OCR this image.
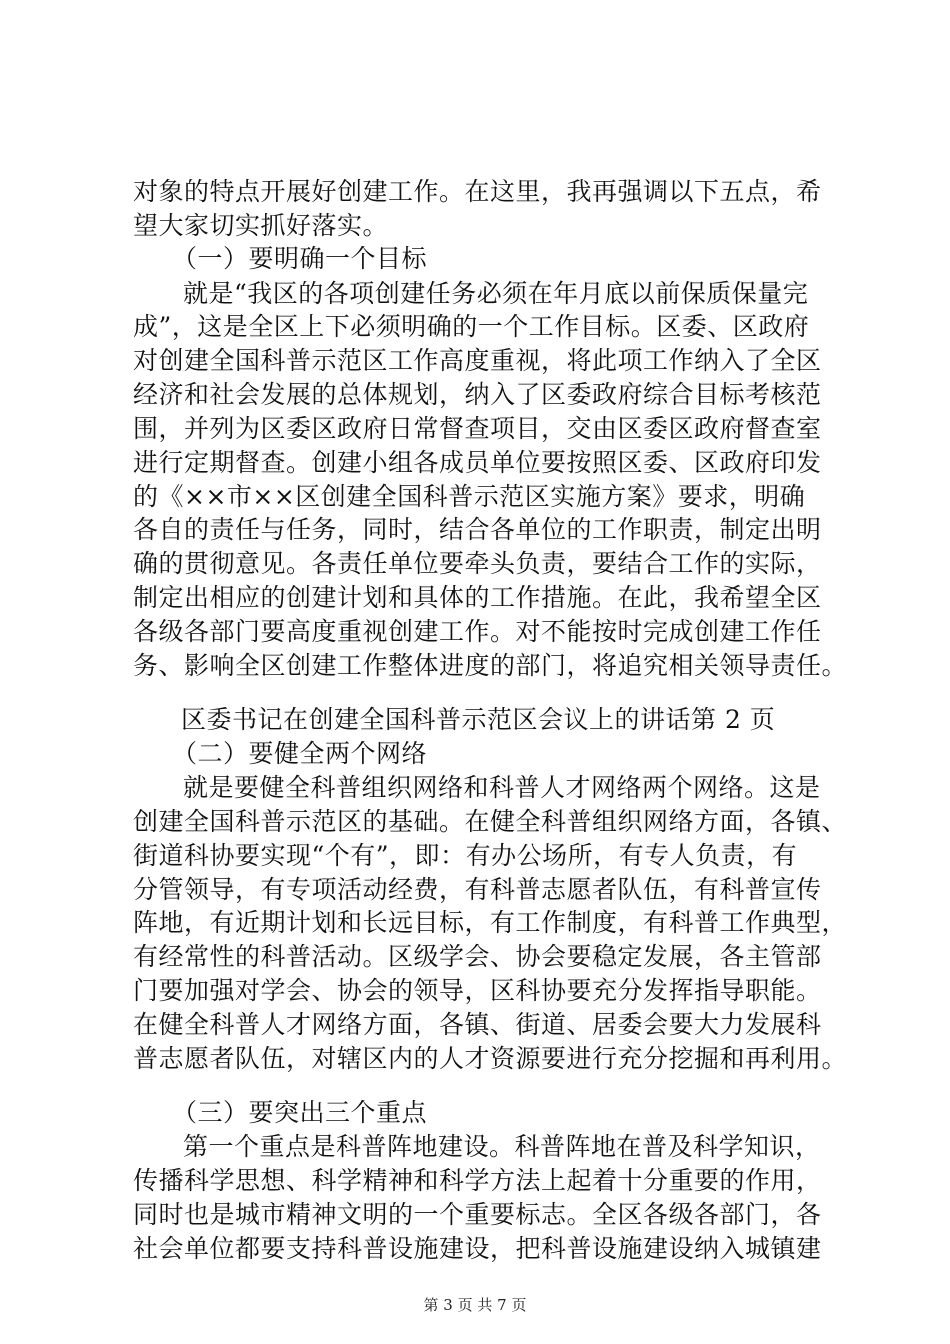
对象的特点开展好创建工作。在这里，我再强调以下五点，希
望大家切实抓好落实。
（一）要明确一个目标
就是“我区的各项创建任务必须在年月底以前保质保量完
成”，这是全区上下必须明确的一个工作目标。区委、区政府
对创建全国科普示范区工作高度重视，将此项工作纳入了全区
经济和社会发展的总体规划，纳入了区委政府综合目标考核范
围，并列为区委区政府日常督查项目，交由区委区政府督查室
进行定期督查。创建小组各成员单位要按照区委、区政府印发
的《××市××区创建全国科普示范区实施方案》要求，明确
各自的责任与任务，同时，结合各单位的工作职责，制定出明
确的贯彻意见。各责任单位要牵头负责，要结合工作的实际，
制定出相应的创建计划和具体的工作措施。在此，我希望全区
各级各部门要高度重视创建工作。对不能按时完成创建工作任
务、影响全区创建工作整体进度的部门，将追究相关领导责任。
区委书记在创建全国科普示范区会议上的讲话第 2 页
（二）要健全两个网络
就是要健全科普组织网络和科普人才网络两个网络。这是
创建全国科普示范区的基础。在健全科普组织网络方面，各镇、
街道科协要实现“个有”，即：有办公场所，有专人负责，有
分管领导，有专项活动经费，有科普志愿者队伍，有科普宣传
阵地，有近期计划和长远目标，有工作制度，有科普工作典型，
有经常性的科普活动。区级学会、协会要稳定发展，各主管部
门要加强对学会、协会的领导，区科协要充分发挥指导职能。
在健全科普人才网络方面，各镇、街道、居委会要大力发展科
普志愿者队伍，对辖区内的人才资源要进行充分挖掘和再利用。
（三）要突出三个重点
第一个重点是科普阵地建设。科普阵地在普及科学知识，
传播科学思想、科学精神和科学方法上起着十分重要的作用，
同时也是城市精神文明的一个重要标志。全区各级各部门，各
社会单位都要支持科普设施建设，把科普设施建设纳入城镇建
第 3 页 共 7 页
